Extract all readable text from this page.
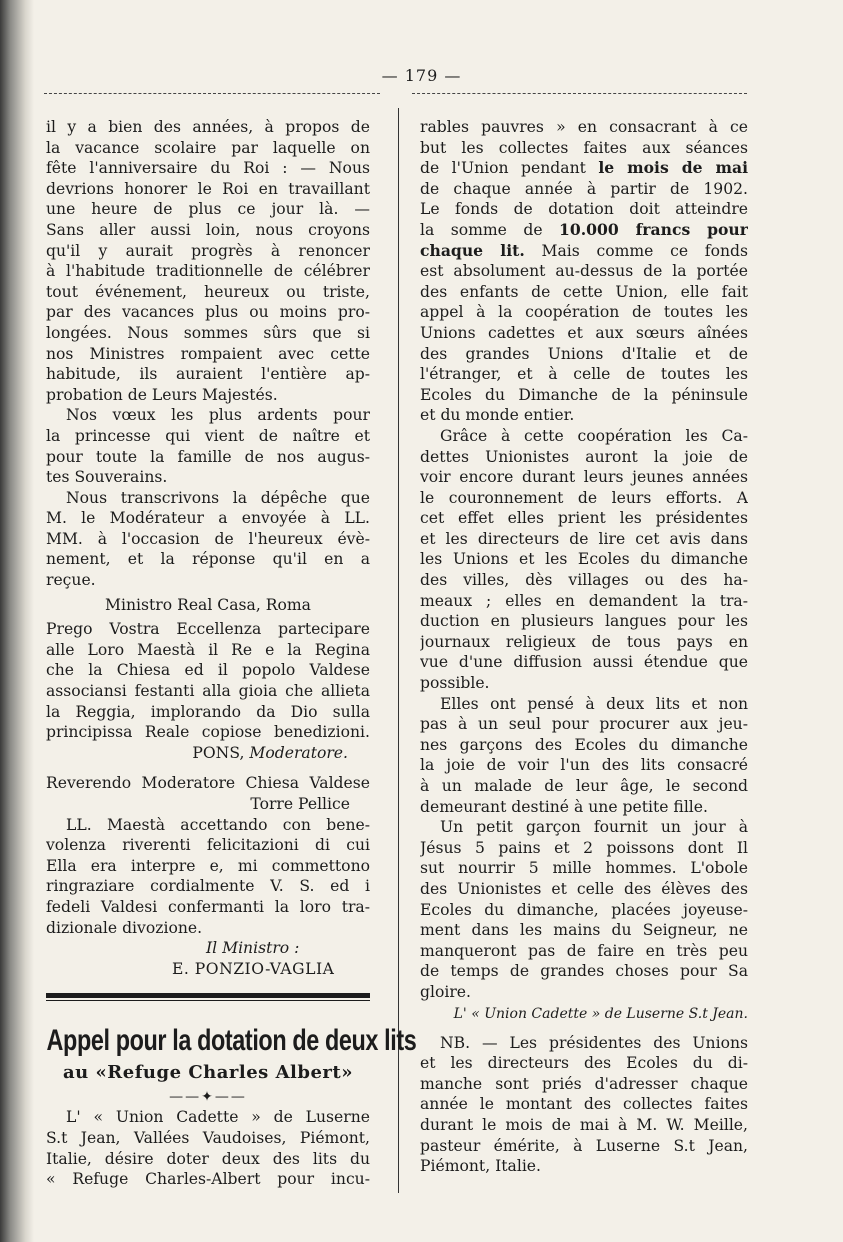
— 179 —
il y a bien des années, à propos de
la vacance scolaire par laquelle on
fête l'anniversaire du Roi : — Nous
devrions honorer le Roi en travaillant
une heure de plus ce jour là. —
Sans aller aussi loin, nous croyons
qu'il y aurait progrès à renoncer
à l'habitude traditionnelle de célébrer
tout événement, heureux ou triste,
par des vacances plus ou moins pro-
longées. Nous sommes sûrs que si
nos Ministres rompaient avec cette
habitude, ils auraient l'entière ap-
probation de Leurs Majestés.
Nos vœux les plus ardents pour
la princesse qui vient de naître et
pour toute la famille de nos augus-
tes Souverains.
Nous transcrivons la dépêche que
M. le Modérateur a envoyée à LL.
MM. à l'occasion de l'heureux évè-
nement, et la réponse qu'il en a
reçue.
Ministro Real Casa, Roma
Prego Vostra Eccellenza partecipare
alle Loro Maestà il Re e la Regina
che la Chiesa ed il popolo Valdese
associansi festanti alla gioia che allieta
la Reggia, implorando da Dio sulla
principissa Reale copiose benedizioni.
PONS, Moderatore.
Reverendo Moderatore Chiesa Valdese
Torre Pellice
LL. Maestà accettando con bene-
volenza riverenti felicitazioni di cui
Ella era interpre e, mi commettono
ringraziare cordialmente V. S. ed i
fedeli Valdesi confermanti la loro tra-
dizionale divozione.
Il Ministro :
E. PONZIO-VAGLIA
Appel pour la dotation de deux lits
au «Refuge Charles Albert»
——✦——
L' « Union Cadette » de Luserne
S.t Jean, Vallées Vaudoises, Piémont,
Italie, désire doter deux des lits du
« Refuge Charles-Albert pour incu-
rables pauvres » en consacrant à ce
but les collectes faites aux séances
de l'Union pendant le mois de mai
de chaque année à partir de 1902.
Le fonds de dotation doit atteindre
la somme de 10.000 francs pour
chaque lit. Mais comme ce fonds
est absolument au-dessus de la portée
des enfants de cette Union, elle fait
appel à la coopération de toutes les
Unions cadettes et aux sœurs aînées
des grandes Unions d'Italie et de
l'étranger, et à celle de toutes les
Ecoles du Dimanche de la péninsule
et du monde entier.
Grâce à cette coopération les Ca-
dettes Unionistes auront la joie de
voir encore durant leurs jeunes années
le couronnement de leurs efforts. A
cet effet elles prient les présidentes
et les directeurs de lire cet avis dans
les Unions et les Ecoles du dimanche
des villes, dès villages ou des ha-
meaux ; elles en demandent la tra-
duction en plusieurs langues pour les
journaux religieux de tous pays en
vue d'une diffusion aussi étendue que
possible.
Elles ont pensé à deux lits et non
pas à un seul pour procurer aux jeu-
nes garçons des Ecoles du dimanche
la joie de voir l'un des lits consacré
à un malade de leur âge, le second
demeurant destiné à une petite fille.
Un petit garçon fournit un jour à
Jésus 5 pains et 2 poissons dont Il
sut nourrir 5 mille hommes. L'obole
des Unionistes et celle des élèves des
Ecoles du dimanche, placées joyeuse-
ment dans les mains du Seigneur, ne
manqueront pas de faire en très peu
de temps de grandes choses pour Sa
gloire.
L' « Union Cadette » de Luserne S.t Jean.
NB. — Les présidentes des Unions
et les directeurs des Ecoles du di-
manche sont priés d'adresser chaque
année le montant des collectes faites
durant le mois de mai à M. W. Meille,
pasteur émérite, à Luserne S.t Jean,
Piémont, Italie.
